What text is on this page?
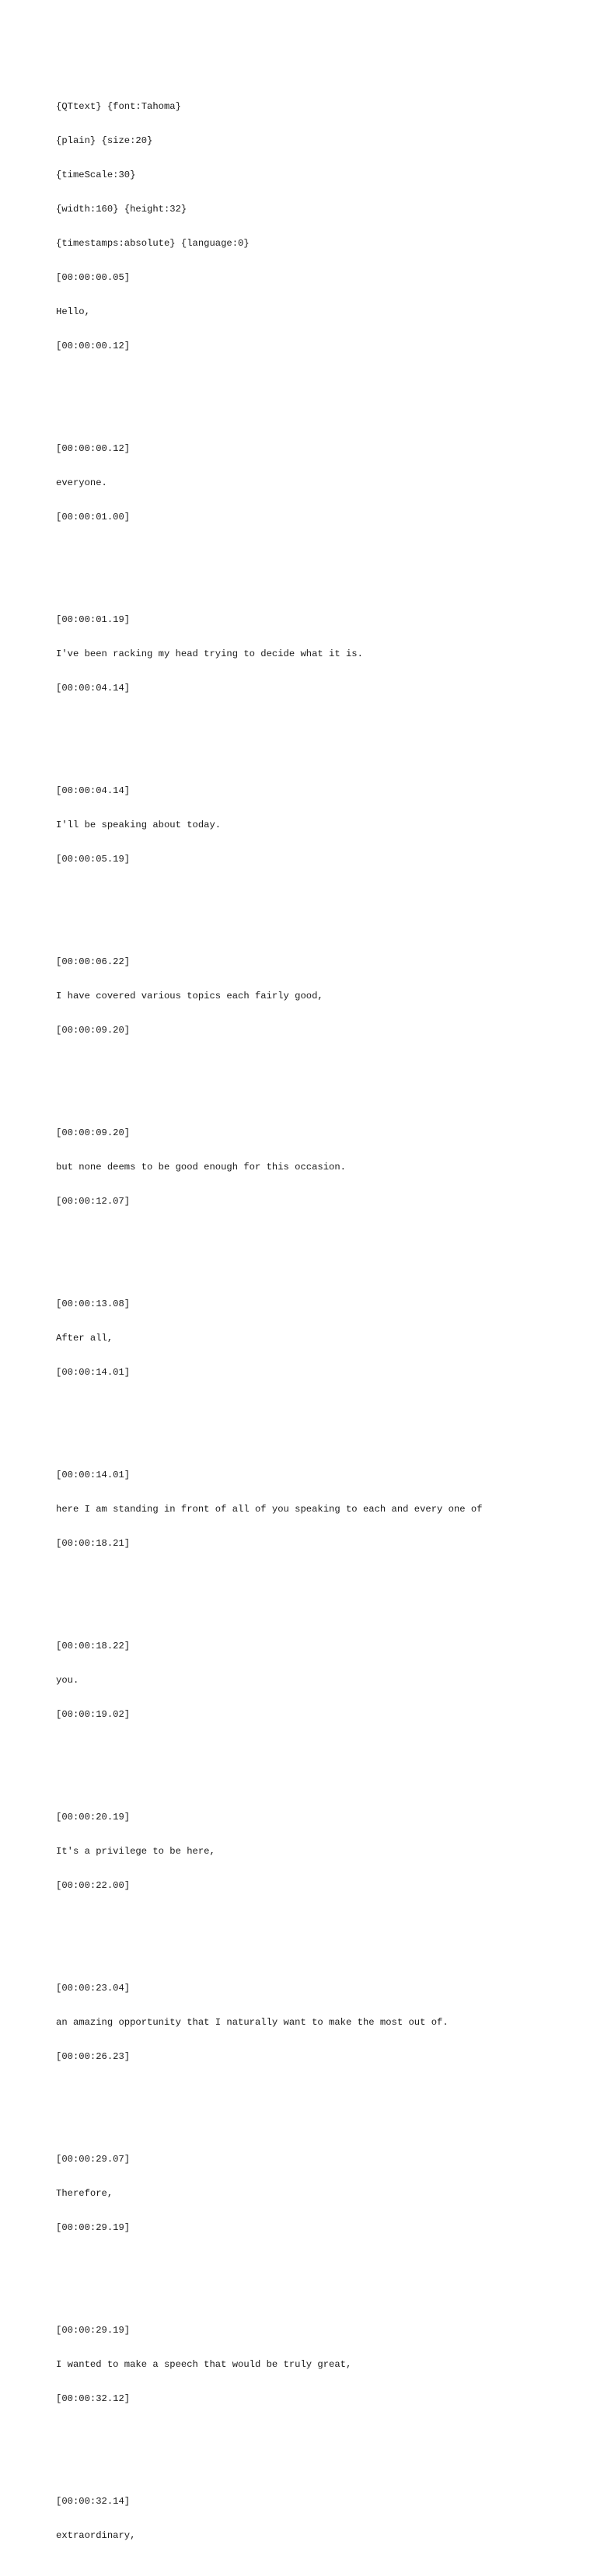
{QTtext} {font:Tahoma}

{plain} {size:20}

{timeScale:30}

{width:160} {height:32}

{timestamps:absolute} {language:0}

[00:00:00.05]

Hello,

[00:00:00.12]

[00:00:00.12]

everyone.

[00:00:01.00]

[00:00:01.19]

I've been racking my head trying to decide what it is.

[00:00:04.14]

[00:00:04.14]

I'll be speaking about today.

[00:00:05.19]

[00:00:06.22]

I have covered various topics each fairly good,

[00:00:09.20]

[00:00:09.20]

but none deems to be good enough for this occasion.

[00:00:12.07]

[00:00:13.08]

After all,

[00:00:14.01]

[00:00:14.01]

here I am standing in front of all of you speaking to each and every one of

[00:00:18.21]

[00:00:18.22]

you.

[00:00:19.02]

[00:00:20.19]

It's a privilege to be here,

[00:00:22.00]

[00:00:23.04]

an amazing opportunity that I naturally want to make the most out of.

[00:00:26.23]

[00:00:29.07]

Therefore,

[00:00:29.19]

[00:00:29.19]

I wanted to make a speech that would be truly great,

[00:00:32.12]

[00:00:32.14]

extraordinary,
